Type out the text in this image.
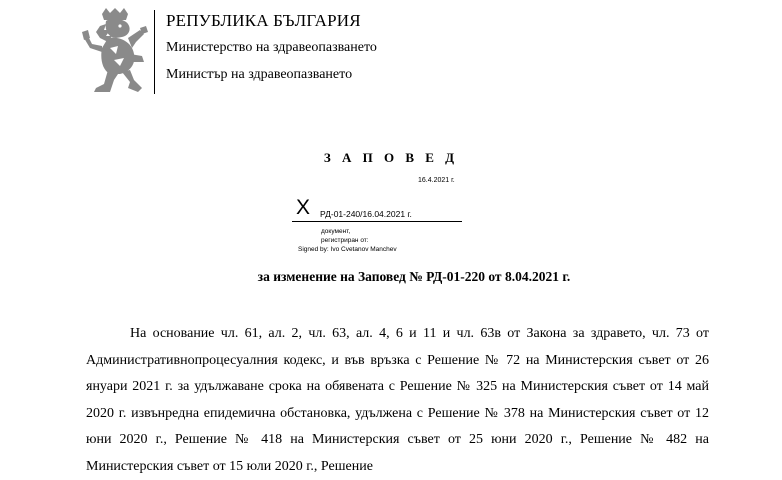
РЕПУБЛИКА БЪЛГАРИЯ
Министерство на здравеопазването
Министър на здравеопазването
З А П О В Е Д
16.4.2021 г.
X РД-01-240/16.04.2021 г.
документ,
регистриран от:
Signed by: Ivo Cvetanov Manchev
за изменение на Заповед № РД-01-220 от 8.04.2021 г.

На основание чл. 61, ал. 2, чл. 63, ал. 4, 6 и 11 и чл. 63в от Закона за здравето, чл. 73 от Административнопроцесуалния кодекс, и във връзка с Решение № 72 на Министерския съвет от 26 януари 2021 г. за удължаване срока на обявената с Решение № 325 на Министерския съвет от 14 май 2020 г. извънредна епидемична обстановка, удължена с Решение № 378 на Министерския съвет от 12 юни 2020 г., Решение № 418 на Министерския съвет от 25 юни 2020 г., Решение № 482 на Министерския съвет от 15 юли 2020 г., Решение
